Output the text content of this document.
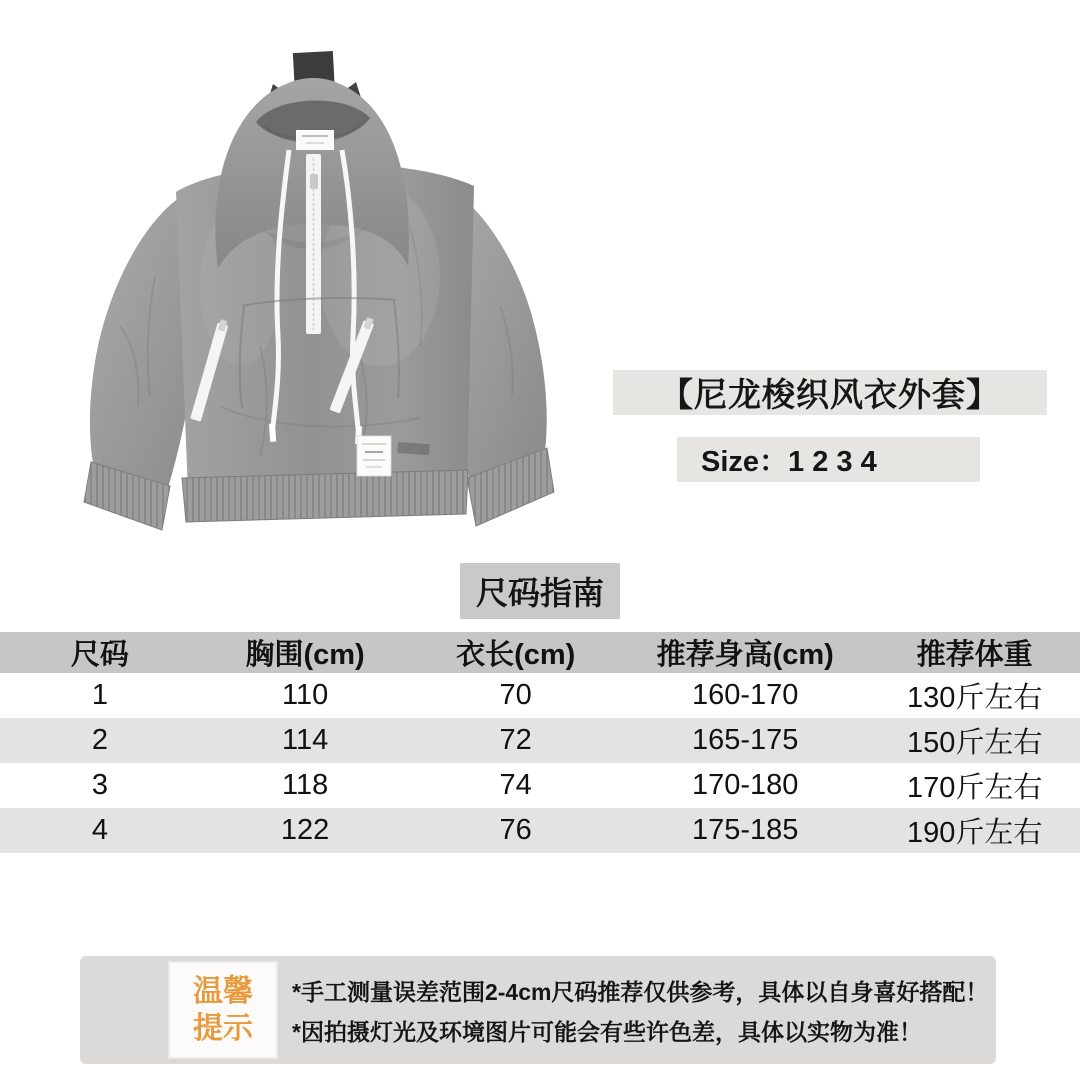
【尼龙梭织风衣外套】
Size：1 2 3 4
尺码指南
尺码	胸围(cm)	衣长(cm)	推荐身高(cm)	推荐体重
1	110	70	160-170	130斤左右
2	114	72	165-175	150斤左右
3	118	74	170-180	170斤左右
4	122	76	175-185	190斤左右
温馨
提示
*手工测量误差范围2-4cm尺码推荐仅供参考，具体以自身喜好搭配！
*因拍摄灯光及环境图片可能会有些许色差，具体以实物为准！
